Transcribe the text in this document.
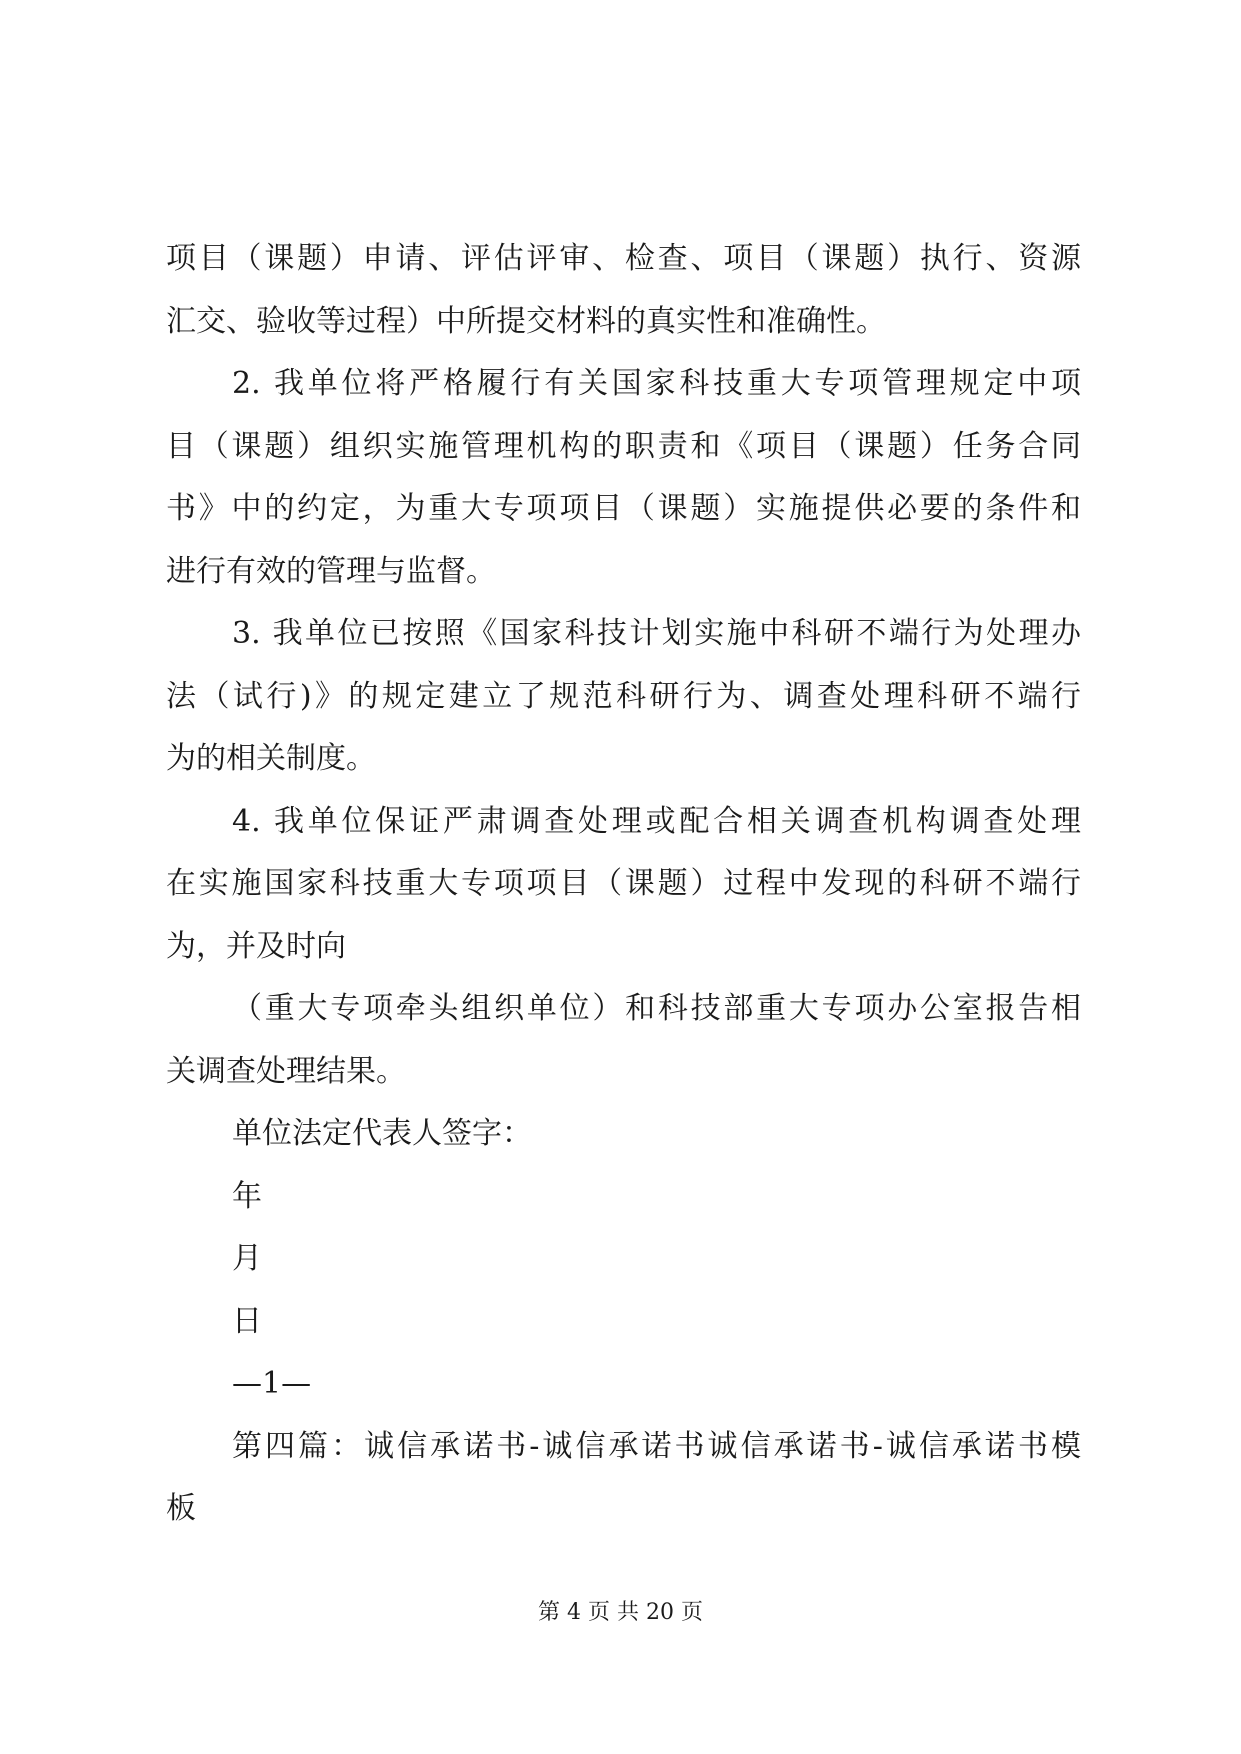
项目（课题）申请、评估评审、检查、项目（课题）执行、资源
汇交、验收等过程）中所提交材料的真实性和准确性。
2. 我单位将严格履行有关国家科技重大专项管理规定中项
目（课题）组织实施管理机构的职责和《项目（课题）任务合同
书》中的约定，为重大专项项目（课题）实施提供必要的条件和
进行有效的管理与监督。
3. 我单位已按照《国家科技计划实施中科研不端行为处理办
法（试行)》的规定建立了规范科研行为、调查处理科研不端行
为的相关制度。
4. 我单位保证严肃调查处理或配合相关调查机构调查处理
在实施国家科技重大专项项目（课题）过程中发现的科研不端行
为，并及时向
（重大专项牵头组织单位）和科技部重大专项办公室报告相
关调查处理结果。
单位法定代表人签字：
年
月
日
—1—
第四篇：诚信承诺书-诚信承诺书诚信承诺书-诚信承诺书模
板
第 4 页 共 20 页
